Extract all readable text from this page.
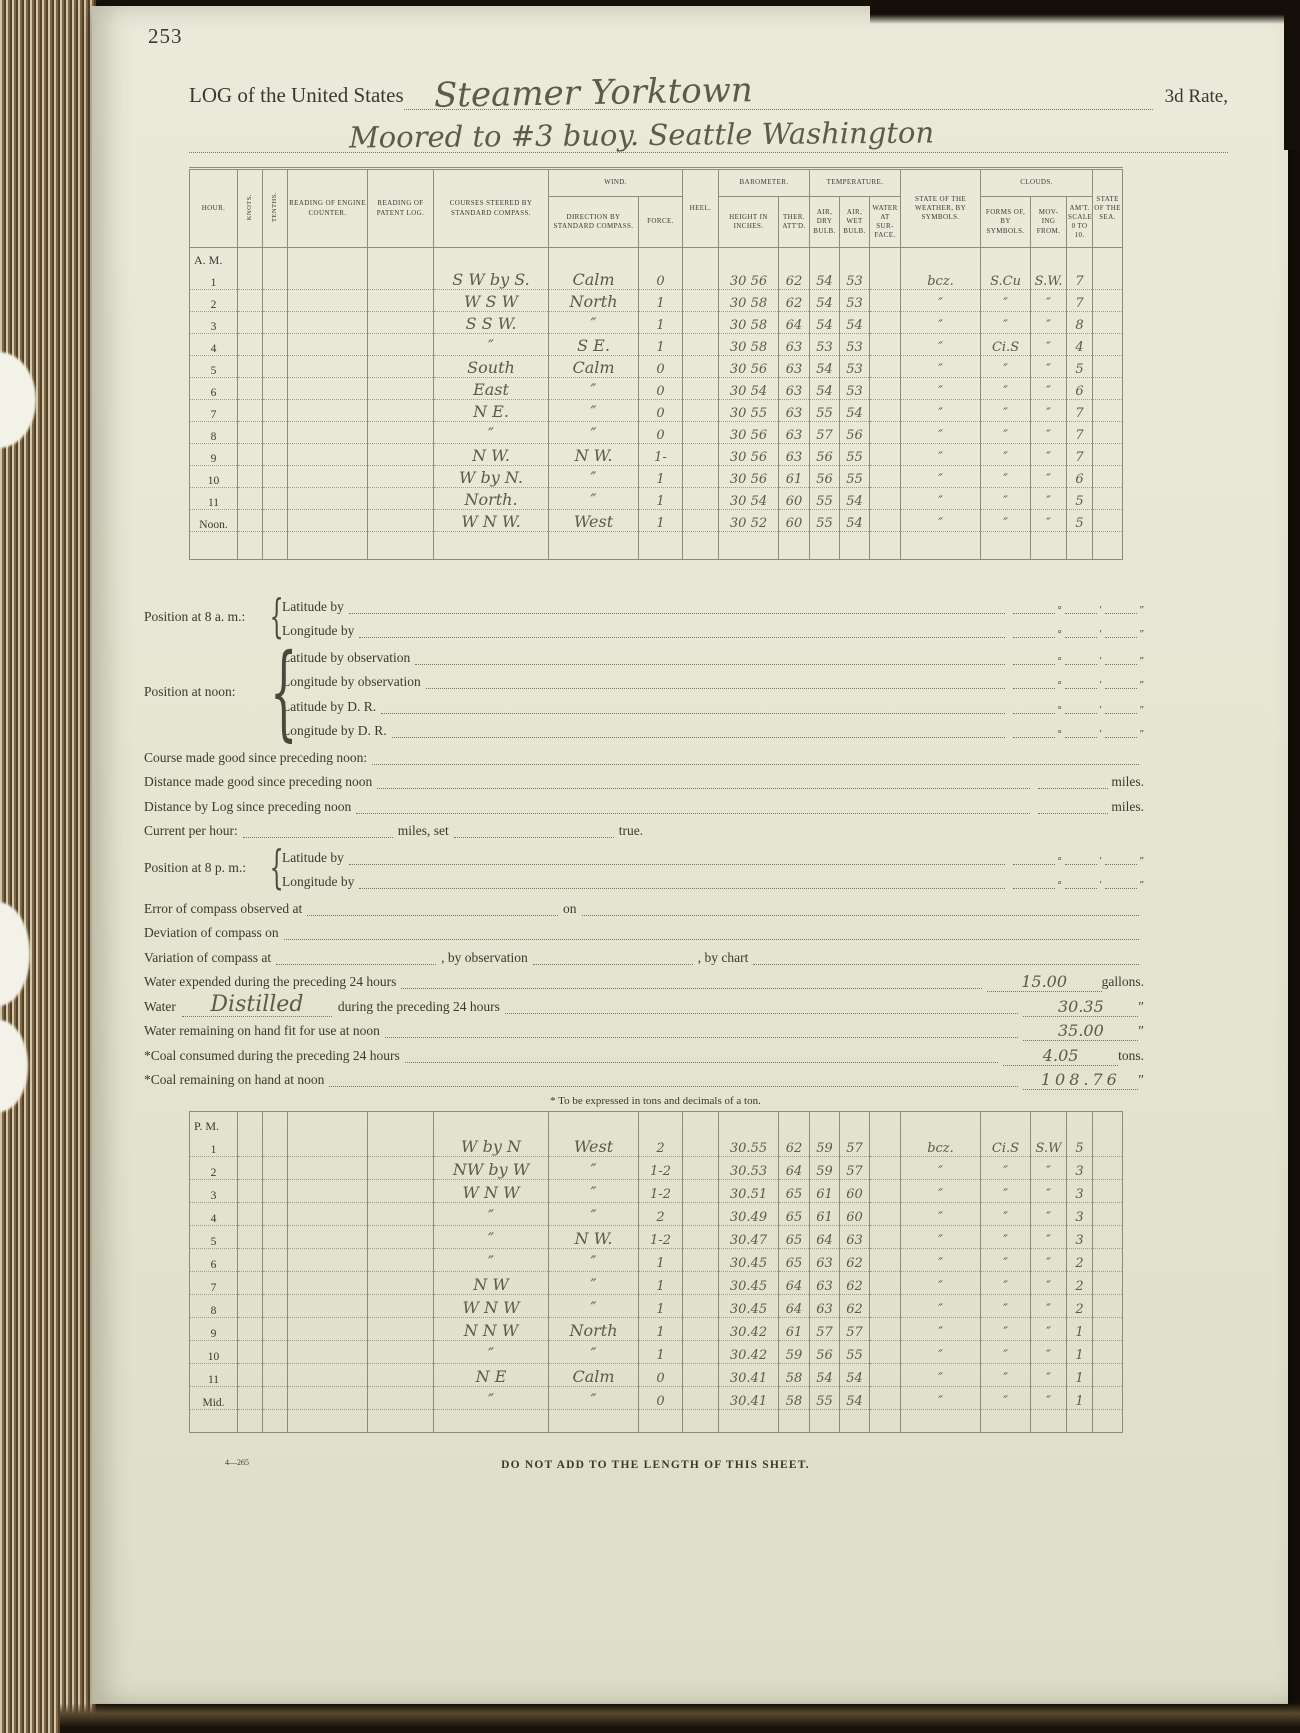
253
LOG of the United States Steamer Yorktown	3d Rate,
Moored to #3 buoy. Seattle Washington
HOUR.	KNOTS.	TENTHS.	READING OF ENGINE COUNTER.	READING OF PATENT LOG.	COURSES STEERED BY STANDARD COMPASS.	WIND.		HEEL.	BAROMETER.		TEMPERATURE.			STATE OF THE WEATHER, BY SYMBOLS.	CLOUDS.			STATE OF THE SEA.
						DIRECTION BY STANDARD COMPASS.	FORCE.		HEIGHT IN INCHES.	THER. ATT'D.	AIR, DRY BULB.	AIR, WET BULB.	WATER AT SUR-FACE.		FORMS OF, BY SYMBOLS.	MOV-ING FROM.	AM'T. SCALE 0 TO 10.	
A. M.																		
1					S W by S.	Calm	0		30 56	62	54	53		bcz.	S.Cu	S.W.	7	
2					W S W	North	1		30 58	62	54	53		″	″	″	7	
3					S S W.	″	1		30 58	64	54	54		″	″	″	8	
4					″	S E.	1		30 58	63	53	53		″	Ci.S	″	4	
5					South	Calm	0		30 56	63	54	53		″	″	″	5	
6					East	″	0		30 54	63	54	53		″	″	″	6	
7					N E.	″	0		30 55	63	55	54		″	″	″	7	
8					″	″	0		30 56	63	57	56		″	″	″	7	
9					N W.	N W.	1-		30 56	63	56	55		″	″	″	7	
10					W by N.	″	1		30 56	61	56	55		″	″	″	6	
11					North.	″	1		30 54	60	55	54		″	″	″	5	
Noon.					W N W.	West	1		30 52	60	55	54		″	″	″	5	

Position at 8 a. m.: {
Latitude by	°	′	″
Longitude by	°	′	″
Position at noon: {
Latitude by observation	°	′	″
Longitude by observation	°	′	″
Latitude by D. R.	°	′	″
Longitude by D. R.	°	′	″
Course made good since preceding noon:
Distance made good since preceding noon	miles.
Distance by Log since preceding noon	miles.
Current per hour:	miles, set	true.
Position at 8 p. m.: {
Latitude by	°	′	″
Longitude by	°	′	″
Error of compass observed at	on
Deviation of compass on
Variation of compass at	, by observation	, by chart
Water expended during the preceding 24 hours	15.00	gallons.
Water	Distilled	during the preceding 24 hours	30.35	″
Water remaining on hand fit for use at noon	35.00	″
*Coal consumed during the preceding 24 hours	4.05	tons.
*Coal remaining on hand at noon	108.76	″
* To be expressed in tons and decimals of a ton.
P. M.																		
1					W by N	West	2		30.55	62	59	57		bcz.	Ci.S	S.W	5	
2					NW by W	″	1-2		30.53	64	59	57		″	″	″	3	
3					W N W	″	1-2		30.51	65	61	60		″	″	″	3	
4					″	″	2		30.49	65	61	60		″	″	″	3	
5					″	N W.	1-2		30.47	65	64	63		″	″	″	3	
6					″	″	1		30.45	65	63	62		″	″	″	2	
7					N W	″	1		30.45	64	63	62		″	″	″	2	
8					W N W	″	1		30.45	64	63	62		″	″	″	2	
9					N N W	North	1		30.42	61	57	57		″	″	″	1	
10					″	″	1		30.42	59	56	55		″	″	″	1	
11					N E	Calm	0		30.41	58	54	54		″	″	″	1	
Mid.					″	″	0		30.41	58	55	54		″	″	″	1	

4—265	DO NOT ADD TO THE LENGTH OF THIS SHEET.
